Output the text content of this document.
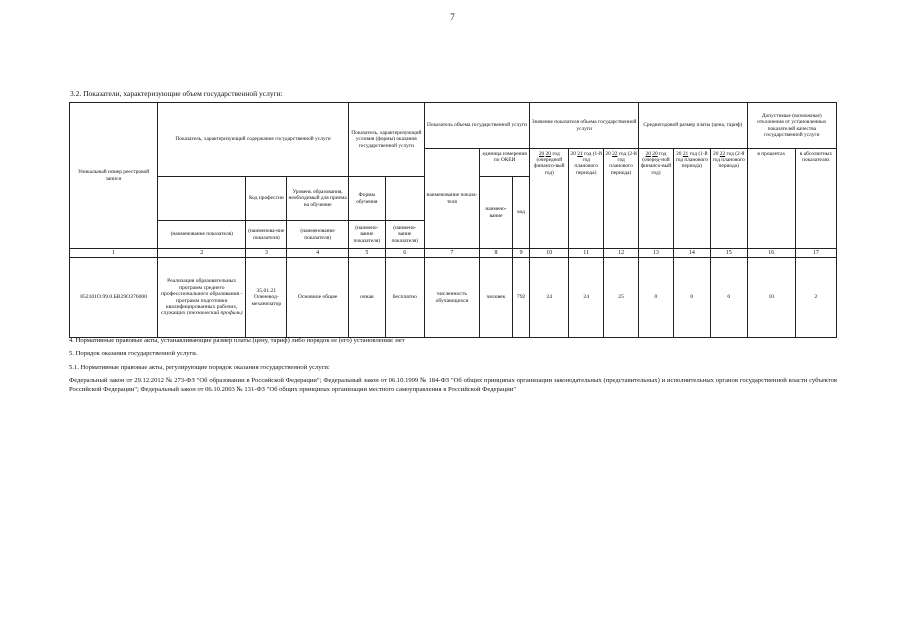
7
3.2. Показатели, характеризующие объем государственной услуги:
Уникальный номер реестровой записи	Показатель, характеризующий содержание государственной услуги			Показатель, характеризующий условия (формы) оказания государственной услуги		Показатель объема государственной услуги			Значение показателя объема государственной услуги			Среднегодовой размер платы (цена, тариф)			Допустимые (возможные) отклонения от установленных показателей качества государственной услуги	
						наименование показа-теля	единица измерения по ОКЕИ		20 20 год (очередной финансо-вый год)	20 21 год (1-й год планового периода)	20 22 год (2-й год планового периода)	20 20 год (очеред-ной финансо-вый год)	20 21 год (1-й год планового периода)	20 22 год (2-й год планового периода)	в процентах	в абсолютных показателях
		Код профессии	Уровень образования, необходимый для приема на обучение	Формы обучения			наимено-вание	код								
	(наименование показателя)	(наименова-ние показателя)	(наименование показателя)	(наимено-вание показателя)	(наимено-вание показателя)											
1	2	3	4	5	6	7	8	9	10	11	12	13	14	15	16	17
852101О.99.0.БВ29ОЗ76000	Реализация образовательных программ среднего профессионального образования - программ подготовки квалифицированных рабочих, служащих (технический профиль)	35.01.21 Оленевод-механизатор	Основное общее	очная	бесплатно	численность обучающихся	человек	792	24	24	25	0	0	0	10	2

4. Нормативные правовые акты, устанавливающие размер платы (цену, тариф) либо порядок ее (его) установления: нет

5. Порядок оказания государственной услуги.

5.1. Нормативные правовые акты, регулирующие порядок оказания государственной услуги:

Федеральный закон от 29.12.2012 № 273-ФЗ "Об образовании в Российской Федерации"; Федеральный закон от 06.10.1999 № 184-ФЗ "Об общих принципах организации законодательных (представительных) и исполнительных органов государственной власти субъектов Российской Федерации"; Федеральный закон от 06.10.2003 № 131-ФЗ "Об общих принципах организации местного самоуправления в Российской Федерации"
